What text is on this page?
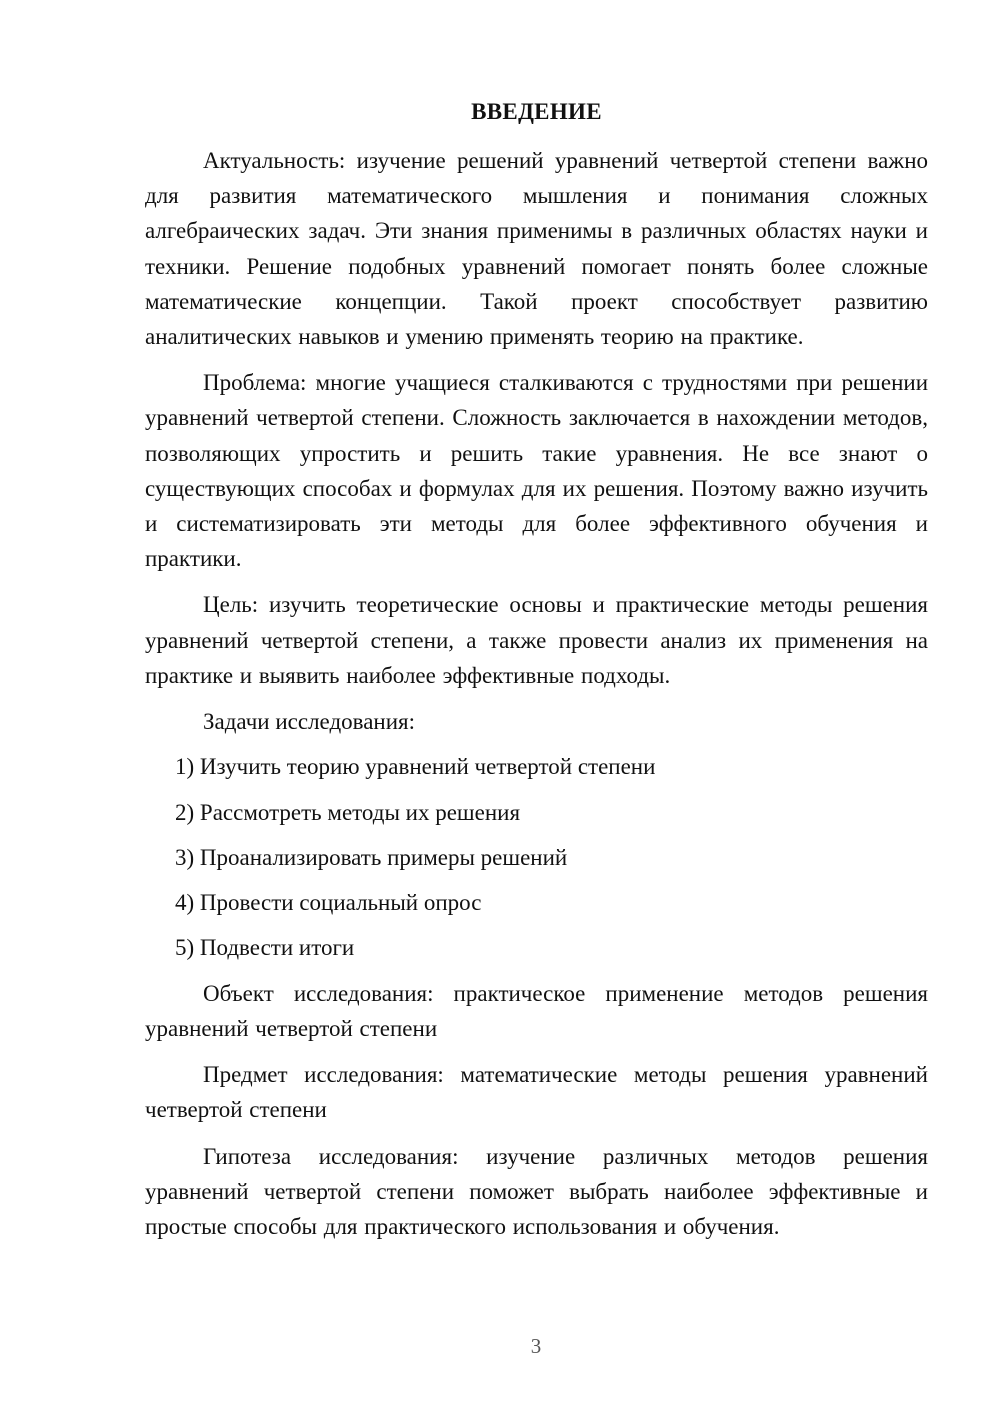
ВВЕДЕНИЕ

Актуальность: изучение решений уравнений четвертой степени важно для развития математического мышления и понимания сложных алгебраических задач. Эти знания применимы в различных областях науки и техники. Решение подобных уравнений помогает понять более сложные математические концепции. Такой проект способствует развитию аналитических навыков и умению применять теорию на практике.

Проблема: многие учащиеся сталкиваются с трудностями при решении уравнений четвертой степени. Сложность заключается в нахождении методов, позволяющих упростить и решить такие уравнения. Не все знают о существующих способах и формулах для их решения. Поэтому важно изучить и систематизировать эти методы для более эффективного обучения и практики.

Цель: изучить теоретические основы и практические методы решения уравнений четвертой степени, а также провести анализ их применения на практике и выявить наиболее эффективные подходы.

Задачи исследования:
1) Изучить теорию уравнений четвертой степени
2) Рассмотреть методы их решения
3) Проанализировать примеры решений
4) Провести социальный опрос
5) Подвести итоги

Объект исследования: практическое применение методов решения уравнений четвертой степени

Предмет исследования: математические методы решения уравнений четвертой степени

Гипотеза исследования: изучение различных методов решения уравнений четвертой степени поможет выбрать наиболее эффективные и простые способы для практического использования и обучения.

3
